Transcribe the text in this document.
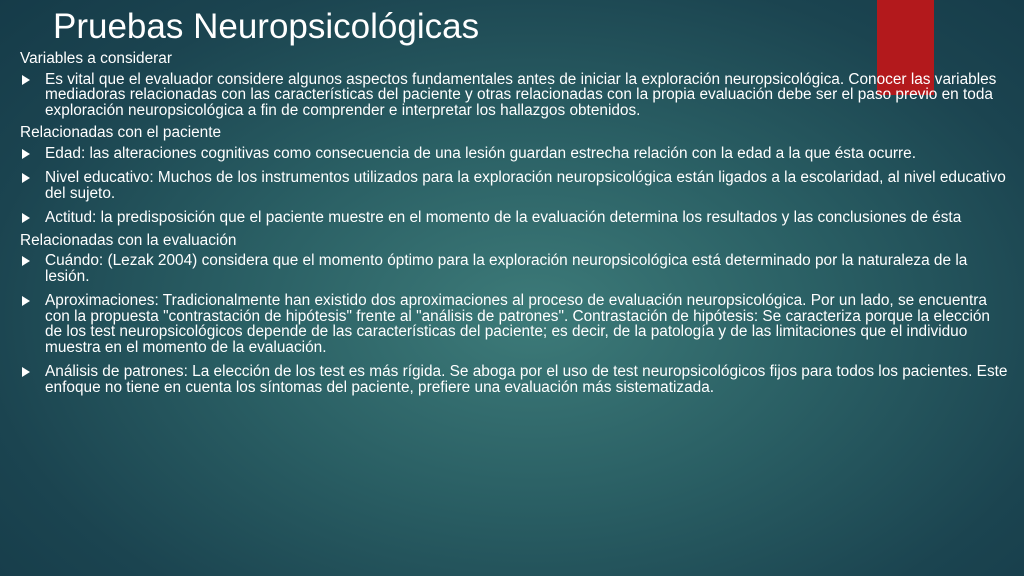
Pruebas Neuropsicológicas

Variables a considerar

Es vital que el evaluador considere algunos aspectos fundamentales antes de iniciar la exploración neuropsicológica. Conocer las variables mediadoras relacionadas con las características del paciente y otras relacionadas con la propia evaluación debe ser el paso previo en toda exploración neuropsicológica a fin de comprender e interpretar los hallazgos obtenidos.

Relacionadas con el paciente

Edad: las alteraciones cognitivas como consecuencia de una lesión guardan estrecha relación con la edad a la que ésta ocurre.
Nivel educativo: Muchos de los instrumentos utilizados para la exploración neuropsicológica están ligados a la escolaridad, al nivel educativo del sujeto.
Actitud: la predisposición que el paciente muestre en el momento de la evaluación determina los resultados y las conclusiones de ésta

Relacionadas con la evaluación

Cuándo: (Lezak 2004) considera que el momento óptimo para la exploración neuropsicológica está determinado por la naturaleza de la lesión.
Aproximaciones: Tradicionalmente han existido dos aproximaciones al proceso de evaluación neuropsicológica. Por un lado, se encuentra con la propuesta "contrastación de hipótesis" frente al "análisis de patrones". Contrastación de hipótesis: Se caracteriza porque la elección de los test neuropsicológicos depende de las características del paciente; es decir, de la patología y de las limitaciones que el individuo muestra en el momento de la evaluación.
Análisis de patrones: La elección de los test es más rígida. Se aboga por el uso de test neuropsicológicos fijos para todos los pacientes. Este enfoque no tiene en cuenta los síntomas del paciente, prefiere una evaluación más sistematizada.
